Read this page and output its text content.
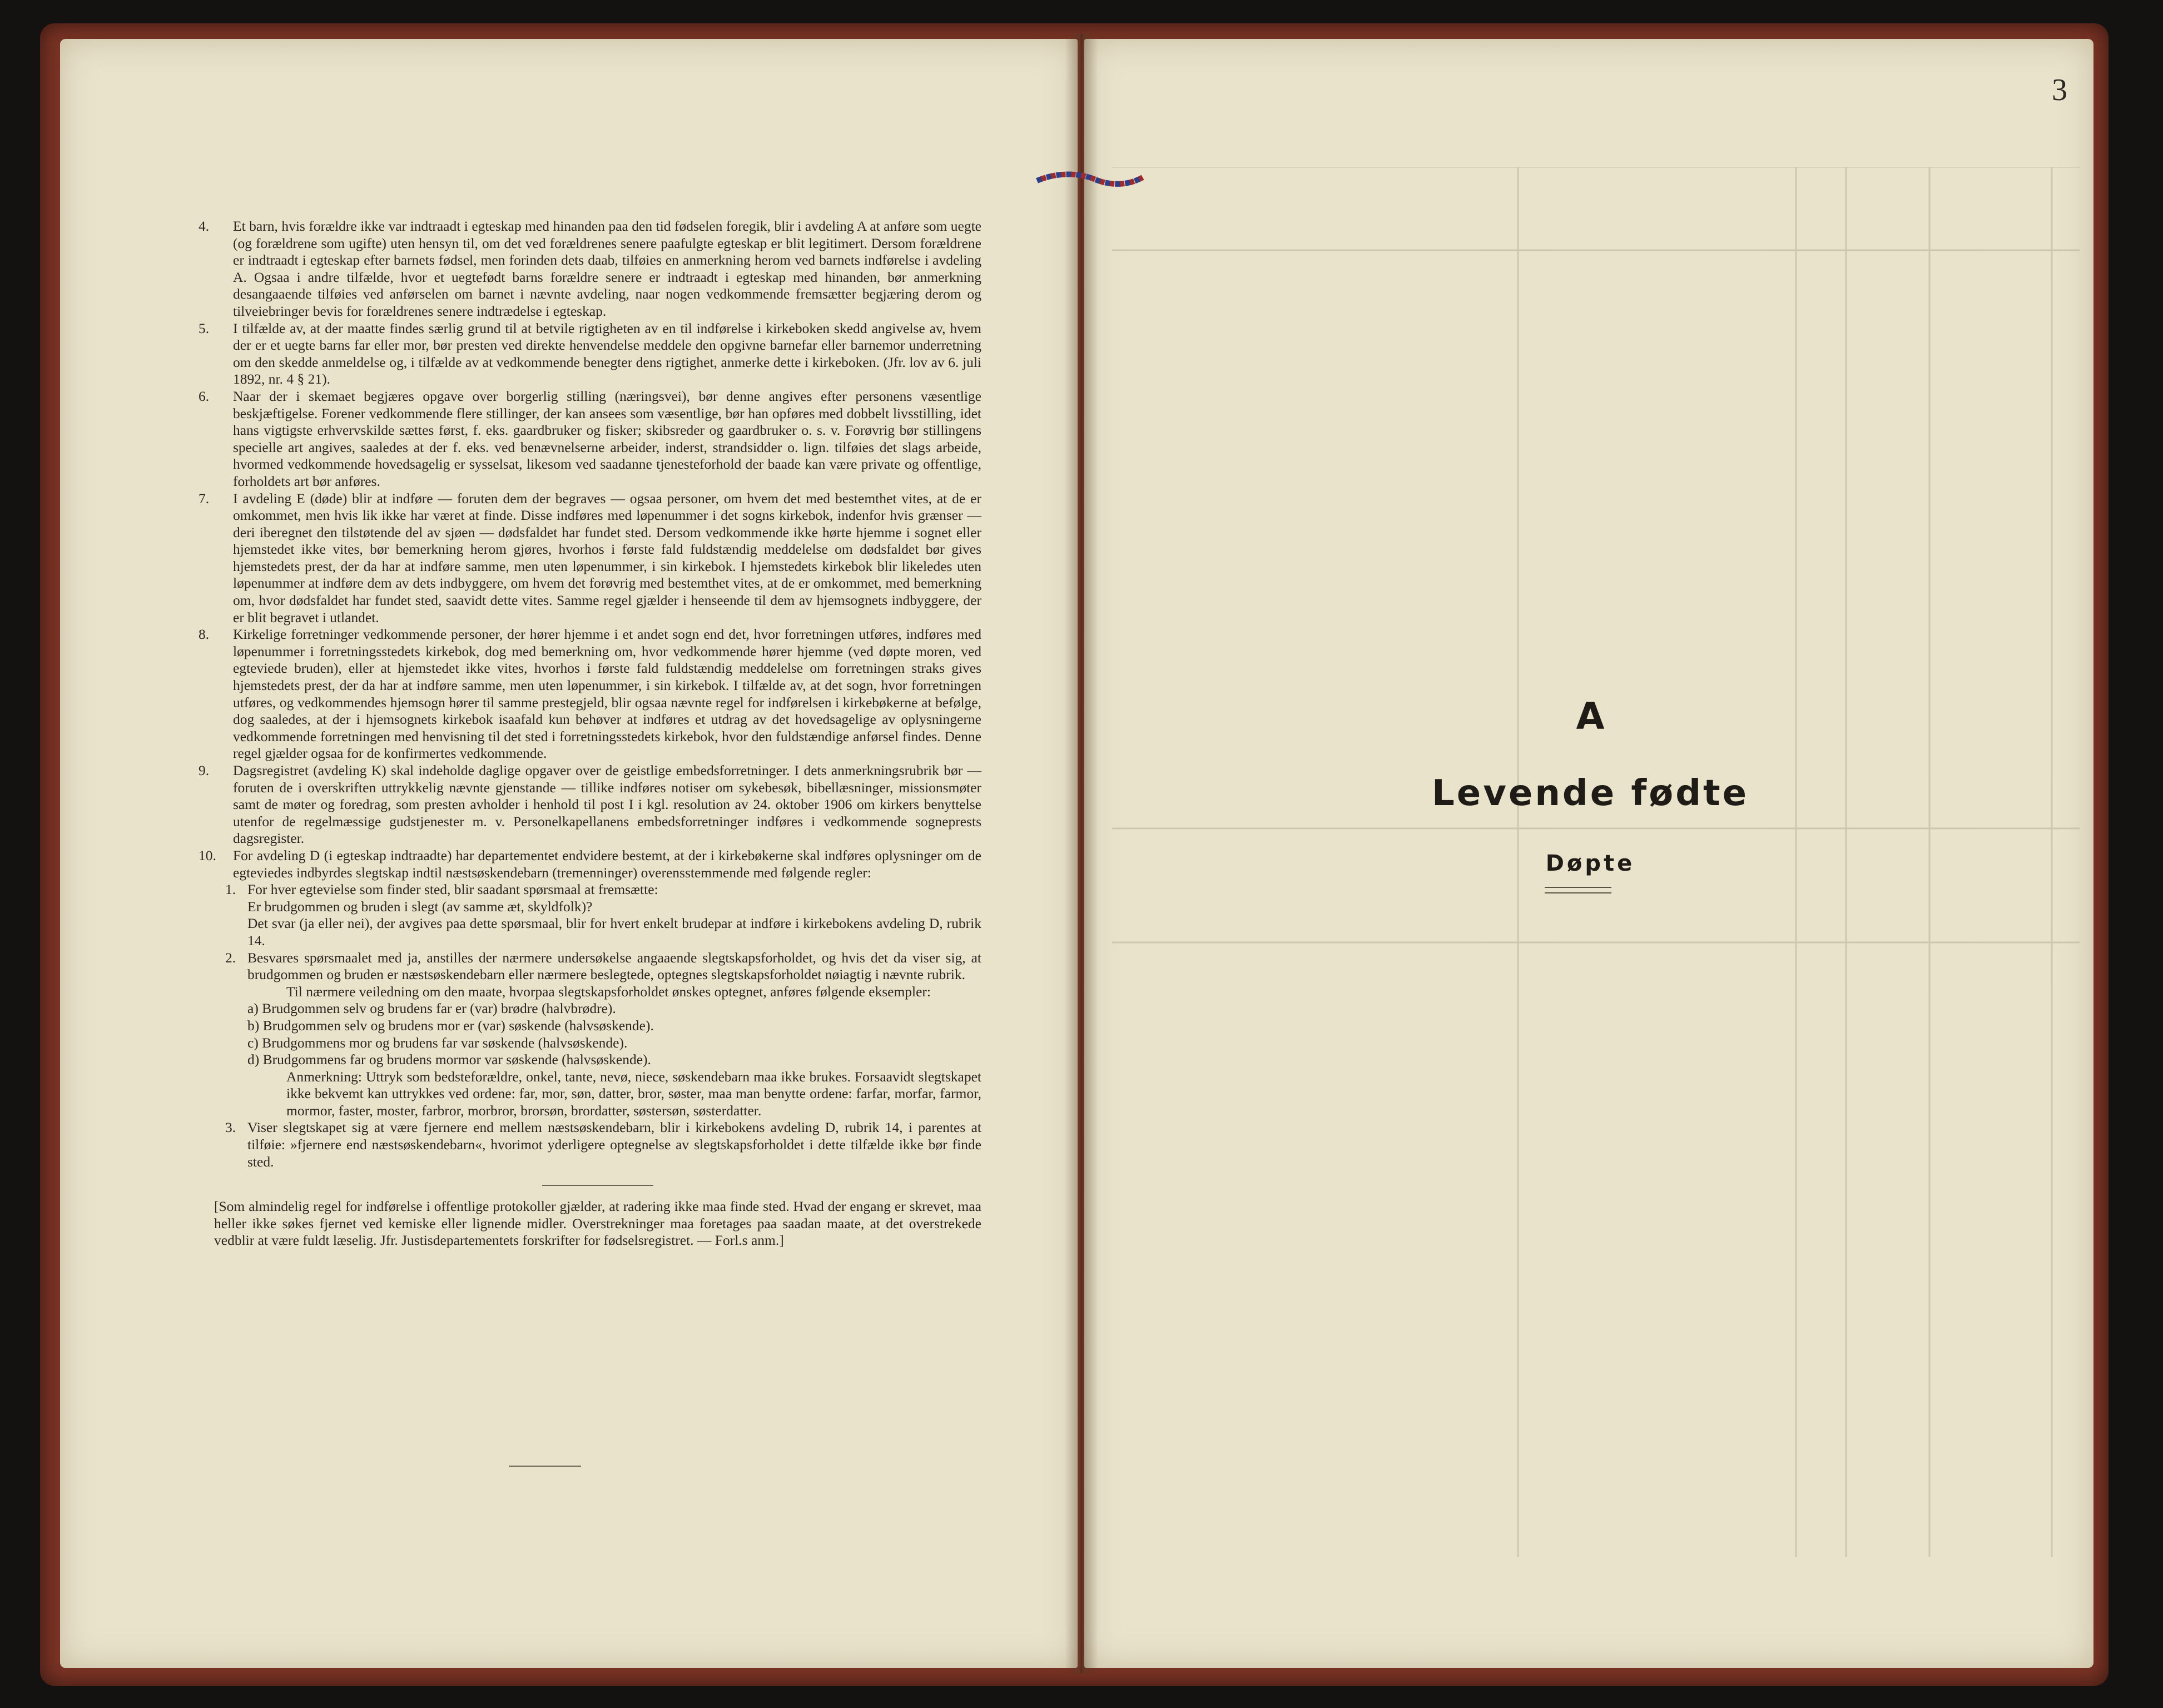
3
A
Levende fødte
Døpte

4. Et barn, hvis forældre ikke var indtraadt i egteskap med hinanden paa den tid fødselen foregik, blir i avdeling A at anføre som uegte (og forældrene som ugifte) uten hensyn til, om det ved forældrenes senere paafulgte egteskap er blit legitimert. Dersom forældrene er indtraadt i egteskap efter barnets fødsel, men forinden dets daab, tilføies en anmerkning herom ved barnets indførelse i avdeling A. Ogsaa i andre tilfælde, hvor et uegtefødt barns forældre senere er indtraadt i egteskap med hinanden, bør anmerkning desangaaende tilføies ved anførselen om barnet i nævnte avdeling, naar nogen vedkommende fremsætter begjæring derom og tilveiebringer bevis for forældrenes senere indtrædelse i egteskap.

5. I tilfælde av, at der maatte findes særlig grund til at betvile rigtigheten av en til indførelse i kirkeboken skedd angivelse av, hvem der er et uegte barns far eller mor, bør presten ved direkte henvendelse meddele den opgivne barnefar eller barnemor underretning om den skedde anmeldelse og, i tilfælde av at vedkommende benegter dens rigtighet, anmerke dette i kirkeboken. (Jfr. lov av 6. juli 1892, nr. 4 § 21).

6. Naar der i skemaet begjæres opgave over borgerlig stilling (næringsvei), bør denne angives efter personens væsentlige beskjæftigelse. Forener vedkommende flere stillinger, der kan ansees som væsentlige, bør han opføres med dobbelt livsstilling, idet hans vigtigste erhvervskilde sættes først, f. eks. gaardbruker og fisker; skibsreder og gaardbruker o. s. v. Forøvrig bør stillingens specielle art angives, saaledes at der f. eks. ved benævnelserne arbeider, inderst, strandsidder o. lign. tilføies det slags arbeide, hvormed vedkommende hovedsagelig er sysselsat, likesom ved saadanne tjenesteforhold der baade kan være private og offentlige, forholdets art bør anføres.

7. I avdeling E (døde) blir at indføre — foruten dem der begraves — ogsaa personer, om hvem det med bestemthet vites, at de er omkommet, men hvis lik ikke har været at finde. Disse indføres med løpenummer i det sogns kirkebok, indenfor hvis grænser — deri iberegnet den tilstøtende del av sjøen — dødsfaldet har fundet sted. Dersom vedkommende ikke hørte hjemme i sognet eller hjemstedet ikke vites, bør bemerkning herom gjøres, hvorhos i første fald fuldstændig meddelelse om dødsfaldet bør gives hjemstedets prest, der da har at indføre samme, men uten løpenummer, i sin kirkebok. I hjemstedets kirkebok blir likeledes uten løpenummer at indføre dem av dets indbyggere, om hvem det forøvrig med bestemthet vites, at de er omkommet, med bemerkning om, hvor dødsfaldet har fundet sted, saavidt dette vites. Samme regel gjælder i henseende til dem av hjemsognets indbyggere, der er blit begravet i utlandet.

8. Kirkelige forretninger vedkommende personer, der hører hjemme i et andet sogn end det, hvor forretningen utføres, indføres med løpenummer i forretningsstedets kirkebok, dog med bemerkning om, hvor vedkommende hører hjemme (ved døpte moren, ved egteviede bruden), eller at hjemstedet ikke vites, hvorhos i første fald fuldstændig meddelelse om forretningen straks gives hjemstedets prest, der da har at indføre samme, men uten løpenummer, i sin kirkebok. I tilfælde av, at det sogn, hvor forretningen utføres, og vedkommendes hjemsogn hører til samme prestegjeld, blir ogsaa nævnte regel for indførelsen i kirkebøkerne at befølge, dog saaledes, at der i hjemsognets kirkebok isaafald kun behøver at indføres et utdrag av det hovedsagelige av oplysningerne vedkommende forretningen med henvisning til det sted i forretningsstedets kirkebok, hvor den fuldstændige anførsel findes. Denne regel gjælder ogsaa for de konfirmertes vedkommende.

9. Dagsregistret (avdeling K) skal indeholde daglige opgaver over de geistlige embedsforretninger. I dets anmerkningsrubrik bør — foruten de i overskriften uttrykkelig nævnte gjenstande — tillike indføres notiser om sykebesøk, bibellæsninger, missionsmøter samt de møter og foredrag, som presten avholder i henhold til post I i kgl. resolution av 24. oktober 1906 om kirkers benyttelse utenfor de regelmæssige gudstjenester m. v. Personelkapellanens embedsforretninger indføres i vedkommende sogneprests dagsregister.

10. For avdeling D (i egteskap indtraadte) har departementet endvidere bestemt, at der i kirkebøkerne skal indføres oplysninger om de egteviedes indbyrdes slegtskap indtil næstsøskendebarn (tremenninger) overensstemmende med følgende regler:

1. For hver egtevielse som finder sted, blir saadant spørsmaal at fremsætte:

Er brudgommen og bruden i slegt (av samme æt, skyldfolk)?

Det svar (ja eller nei), der avgives paa dette spørsmaal, blir for hvert enkelt brudepar at indføre i kirkebokens avdeling D, rubrik 14.

2. Besvares spørsmaalet med ja, anstilles der nærmere undersøkelse angaaende slegtskapsforholdet, og hvis det da viser sig, at brudgommen og bruden er næstsøskendebarn eller nærmere beslegtede, optegnes slegtskapsforholdet nøiagtig i nævnte rubrik.

Til nærmere veiledning om den maate, hvorpaa slegtskapsforholdet ønskes optegnet, anføres følgende eksempler:

a) Brudgommen selv og brudens far er (var) brødre (halvbrødre).

b) Brudgommen selv og brudens mor er (var) søskende (halvsøskende).

c) Brudgommens mor og brudens far var søskende (halvsøskende).

d) Brudgommens far og brudens mormor var søskende (halvsøskende).

Anmerkning: Uttryk som bedsteforældre, onkel, tante, nevø, niece, søskendebarn maa ikke brukes. Forsaavidt slegtskapet ikke bekvemt kan uttrykkes ved ordene: far, mor, søn, datter, bror, søster, maa man benytte ordene: farfar, morfar, farmor, mormor, faster, moster, farbror, morbror, brorsøn, brordatter, søstersøn, søsterdatter.

3. Viser slegtskapet sig at være fjernere end mellem næstsøskendebarn, blir i kirkebokens avdeling D, rubrik 14, i parentes at tilføie: »fjernere end næstsøskendebarn«, hvorimot yderligere optegnelse av slegtskapsforholdet i dette tilfælde ikke bør finde sted.

[Som almindelig regel for indførelse i offentlige protokoller gjælder, at radering ikke maa finde sted. Hvad der engang er skrevet, maa heller ikke søkes fjernet ved kemiske eller lignende midler. Overstrekninger maa foretages paa saadan maate, at det overstrekede vedblir at være fuldt læselig. Jfr. Justisdepartementets forskrifter for fødselsregistret. — Forl.s anm.]
